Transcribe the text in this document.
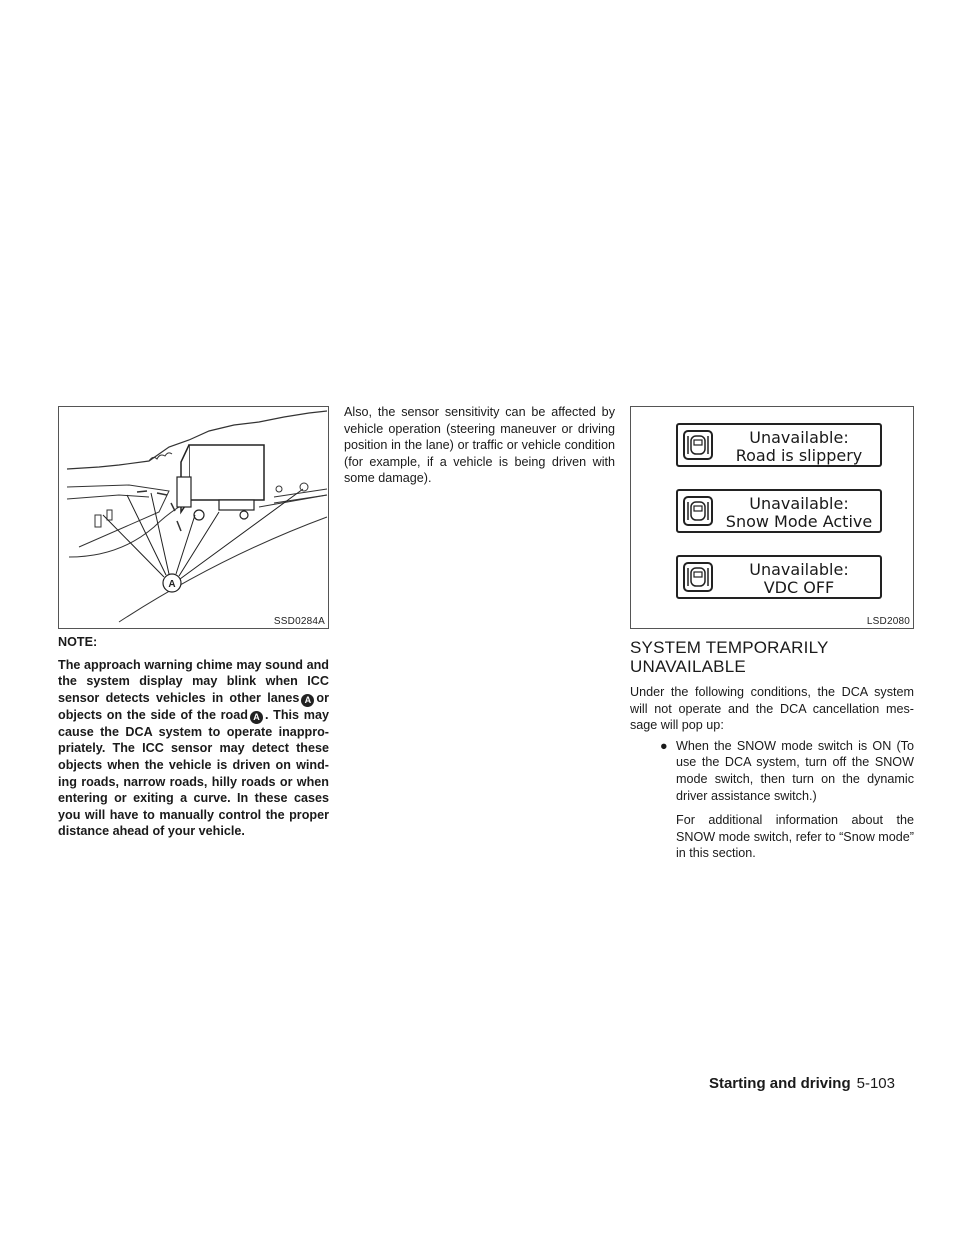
A
SSD0284A
Unavailable:
Road is slippery
Unavailable:
Snow Mode Active
Unavailable:
VDC OFF
LSD2080

NOTE:

The approach warning chime may sound and the system display may blink when ICC sensor detects vehicles in other lanes A or objects on the side of the road A . This may cause the DCA system to operate inappro-priately. The ICC sensor may detect these objects when the vehicle is driven on wind-ing roads, narrow roads, hilly roads or when entering or exiting a curve. In these cases you will have to manually control the proper distance ahead of your vehicle.

Also, the sensor sensitivity can be affected by vehicle operation (steering maneuver or driving position in the lane) or traffic or vehicle condition (for example, if a vehicle is being driven with some damage).

SYSTEM TEMPORARILY
UNAVAILABLE

Under the following conditions, the DCA system will not operate and the DCA cancellation mes-sage will pop up:

● When the SNOW mode switch is ON (To use the DCA system, turn off the SNOW mode switch, then turn on the dynamic driver assistance switch.)

For additional information about the SNOW mode switch, refer to “Snow mode” in this section.

Starting and driving 5-103
